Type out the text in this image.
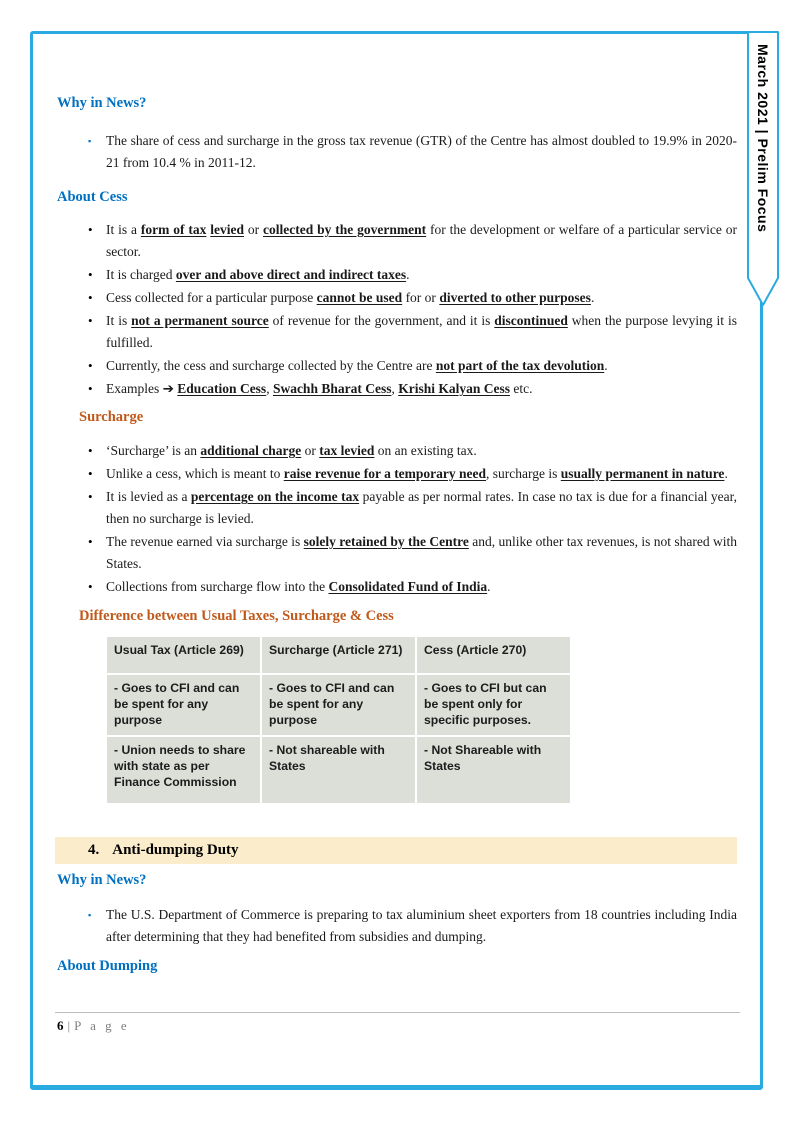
March 2021 | Prelim Focus
Why in News?
▪	The share of cess and surcharge in the gross tax revenue (GTR) of the Centre has almost doubled to 19.9% in 2020-21 from 10.4 % in 2011-12.
About Cess
• It is a form of tax levied or collected by the government for the development or welfare of a particular service or sector.
• It is charged over and above direct and indirect taxes.
• Cess collected for a particular purpose cannot be used for or diverted to other purposes.
• It is not a permanent source of revenue for the government, and it is discontinued when the purpose levying it is fulfilled.
• Currently, the cess and surcharge collected by the Centre are not part of the tax devolution.
• Examples ➔ Education Cess, Swachh Bharat Cess, Krishi Kalyan Cess etc.
Surcharge
• ‘Surcharge’ is an additional charge or tax levied on an existing tax.
• Unlike a cess, which is meant to raise revenue for a temporary need, surcharge is usually permanent in nature.
• It is levied as a percentage on the income tax payable as per normal rates. In case no tax is due for a financial year, then no surcharge is levied.
• The revenue earned via surcharge is solely retained by the Centre and, unlike other tax revenues, is not shared with States.
• Collections from surcharge flow into the Consolidated Fund of India.
Difference between Usual Taxes, Surcharge & Cess
Usual Tax (Article 269)	Surcharge (Article 271)	Cess (Article 270)
- Goes to CFI and can be spent for any purpose	- Goes to CFI and can be spent for any purpose	- Goes to CFI but can be spent only for specific purposes.
- Union needs to share with state as per Finance Commission	- Not shareable with States	- Not Shareable with States
4. Anti-dumping Duty
Why in News?
▪	The U.S. Department of Commerce is preparing to tax aluminium sheet exporters from 18 countries including India after determining that they had benefited from subsidies and dumping.
About Dumping
6 | P a g e
